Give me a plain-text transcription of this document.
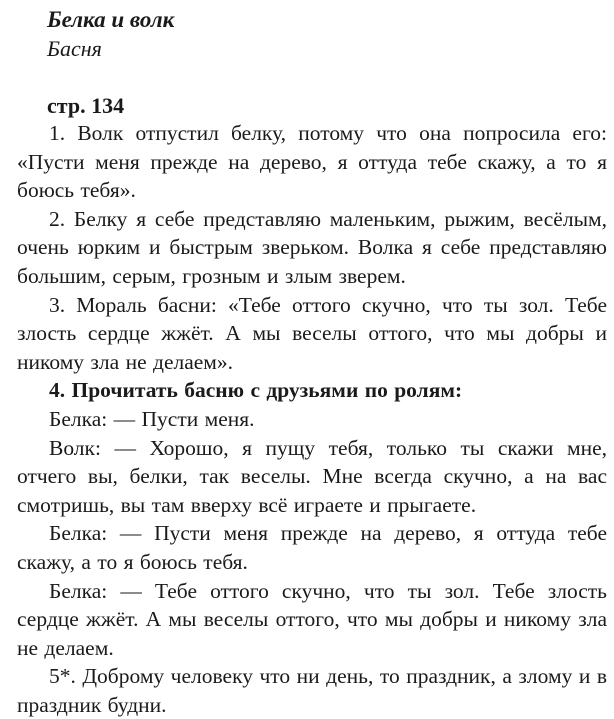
Белка и волк
Басня
стр. 134

1. Волк отпустил белку, потому что она попросила его: «Пусти меня прежде на дерево, я оттуда тебе скажу, а то я боюсь тебя».

2. Белку я себе представляю маленьким, рыжим, весёлым, очень юрким и быстрым зверьком. Волка я себе представляю большим, серым, грозным и злым зверем.

3. Мораль басни: «Тебе оттого скучно, что ты зол. Тебе злость сердце жжёт. А мы веселы оттого, что мы добры и никому зла не делаем».

4. Прочитать басню с друзьями по ролям:

Белка: — Пусти меня.

Волк: — Хорошо, я пущу тебя, только ты скажи мне, отчего вы, белки, так веселы. Мне всегда скучно, а на вас смотришь, вы там вверху всё играете и прыгаете.

Белка: — Пусти меня прежде на дерево, я оттуда тебе скажу, а то я боюсь тебя.

Белка: — Тебе оттого скучно, что ты зол. Тебе злость сердце жжёт. А мы веселы оттого, что мы добры и никому зла не делаем.

5*. Доброму человеку что ни день, то праздник, а злому и в праздник будни.
